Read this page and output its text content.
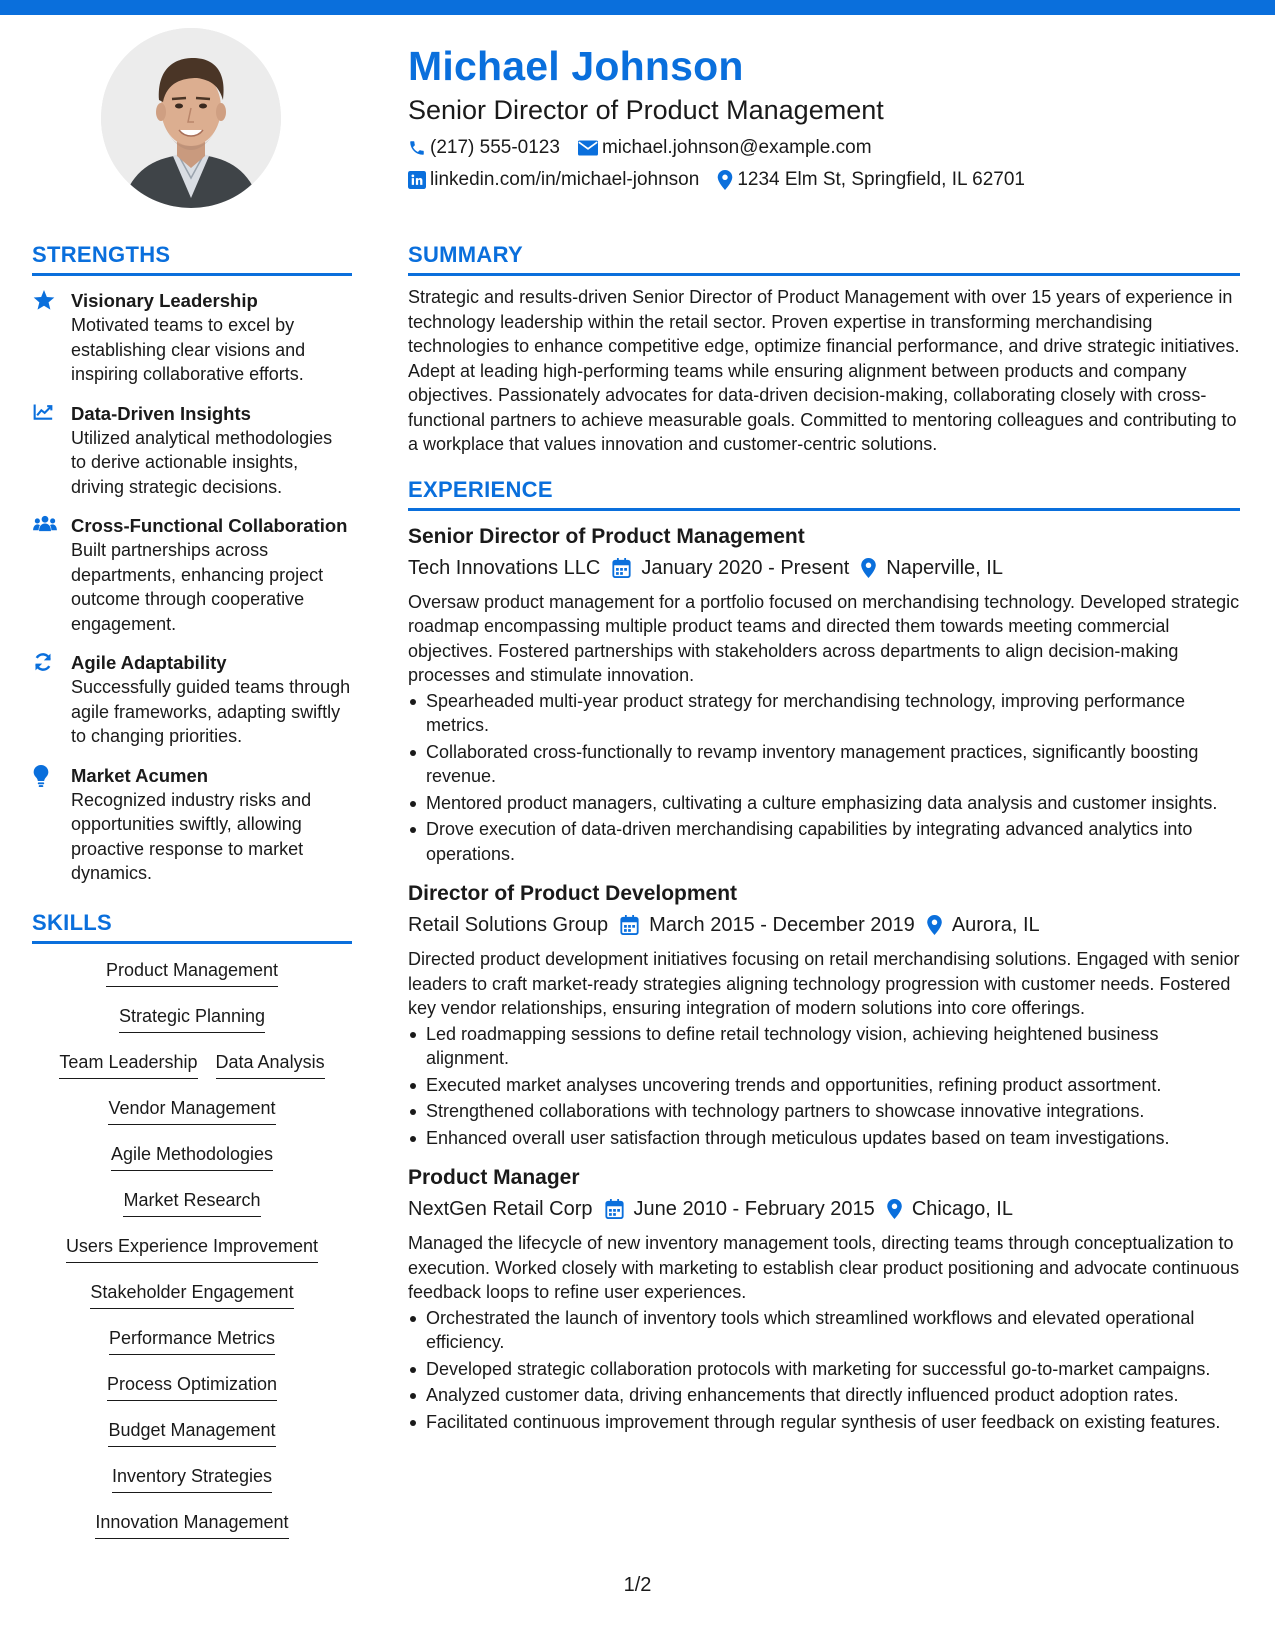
Michael Johnson
Senior Director of Product Management
(217) 555-0123 michael.johnson@example.com
linkedin.com/in/michael-johnson 1234 Elm St, Springfield, IL 62701
STRENGTHS
Visionary Leadership
Motivated teams to excel by establishing clear visions and inspiring collaborative efforts.
Data-Driven Insights
Utilized analytical methodologies to derive actionable insights, driving strategic decisions.
Cross-Functional Collaboration
Built partnerships across departments, enhancing project outcome through cooperative engagement.
Agile Adaptability
Successfully guided teams through agile frameworks, adapting swiftly to changing priorities.
Market Acumen
Recognized industry risks and opportunities swiftly, allowing proactive response to market dynamics.
SKILLS
Product Management
Strategic Planning
Team Leadership Data Analysis
Vendor Management
Agile Methodologies
Market Research
Users Experience Improvement
Stakeholder Engagement
Performance Metrics
Process Optimization
Budget Management
Inventory Strategies
Innovation Management
SUMMARY
Strategic and results-driven Senior Director of Product Management with over 15 years of experience in technology leadership within the retail sector. Proven expertise in transforming merchandising technologies to enhance competitive edge, optimize financial performance, and drive strategic initiatives. Adept at leading high-performing teams while ensuring alignment between products and company objectives. Passionately advocates for data-driven decision-making, collaborating closely with cross-functional partners to achieve measurable goals. Committed to mentoring colleagues and contributing to a workplace that values innovation and customer-centric solutions.
EXPERIENCE
Senior Director of Product Management
Tech Innovations LLC January 2020 - Present Naperville, IL
Oversaw product management for a portfolio focused on merchandising technology. Developed strategic roadmap encompassing multiple product teams and directed them towards meeting commercial objectives. Fostered partnerships with stakeholders across departments to align decision-making processes and stimulate innovation.
Spearheaded multi-year product strategy for merchandising technology, improving performance metrics.
Collaborated cross-functionally to revamp inventory management practices, significantly boosting revenue.
Mentored product managers, cultivating a culture emphasizing data analysis and customer insights.
Drove execution of data-driven merchandising capabilities by integrating advanced analytics into operations.
Director of Product Development
Retail Solutions Group March 2015 - December 2019 Aurora, IL
Directed product development initiatives focusing on retail merchandising solutions. Engaged with senior leaders to craft market-ready strategies aligning technology progression with customer needs. Fostered key vendor relationships, ensuring integration of modern solutions into core offerings.
Led roadmapping sessions to define retail technology vision, achieving heightened business alignment.
Executed market analyses uncovering trends and opportunities, refining product assortment.
Strengthened collaborations with technology partners to showcase innovative integrations.
Enhanced overall user satisfaction through meticulous updates based on team investigations.
Product Manager
NextGen Retail Corp June 2010 - February 2015 Chicago, IL
Managed the lifecycle of new inventory management tools, directing teams through conceptualization to execution. Worked closely with marketing to establish clear product positioning and advocate continuous feedback loops to refine user experiences.
Orchestrated the launch of inventory tools which streamlined workflows and elevated operational efficiency.
Developed strategic collaboration protocols with marketing for successful go-to-market campaigns.
Analyzed customer data, driving enhancements that directly influenced product adoption rates.
Facilitated continuous improvement through regular synthesis of user feedback on existing features.
1/2
